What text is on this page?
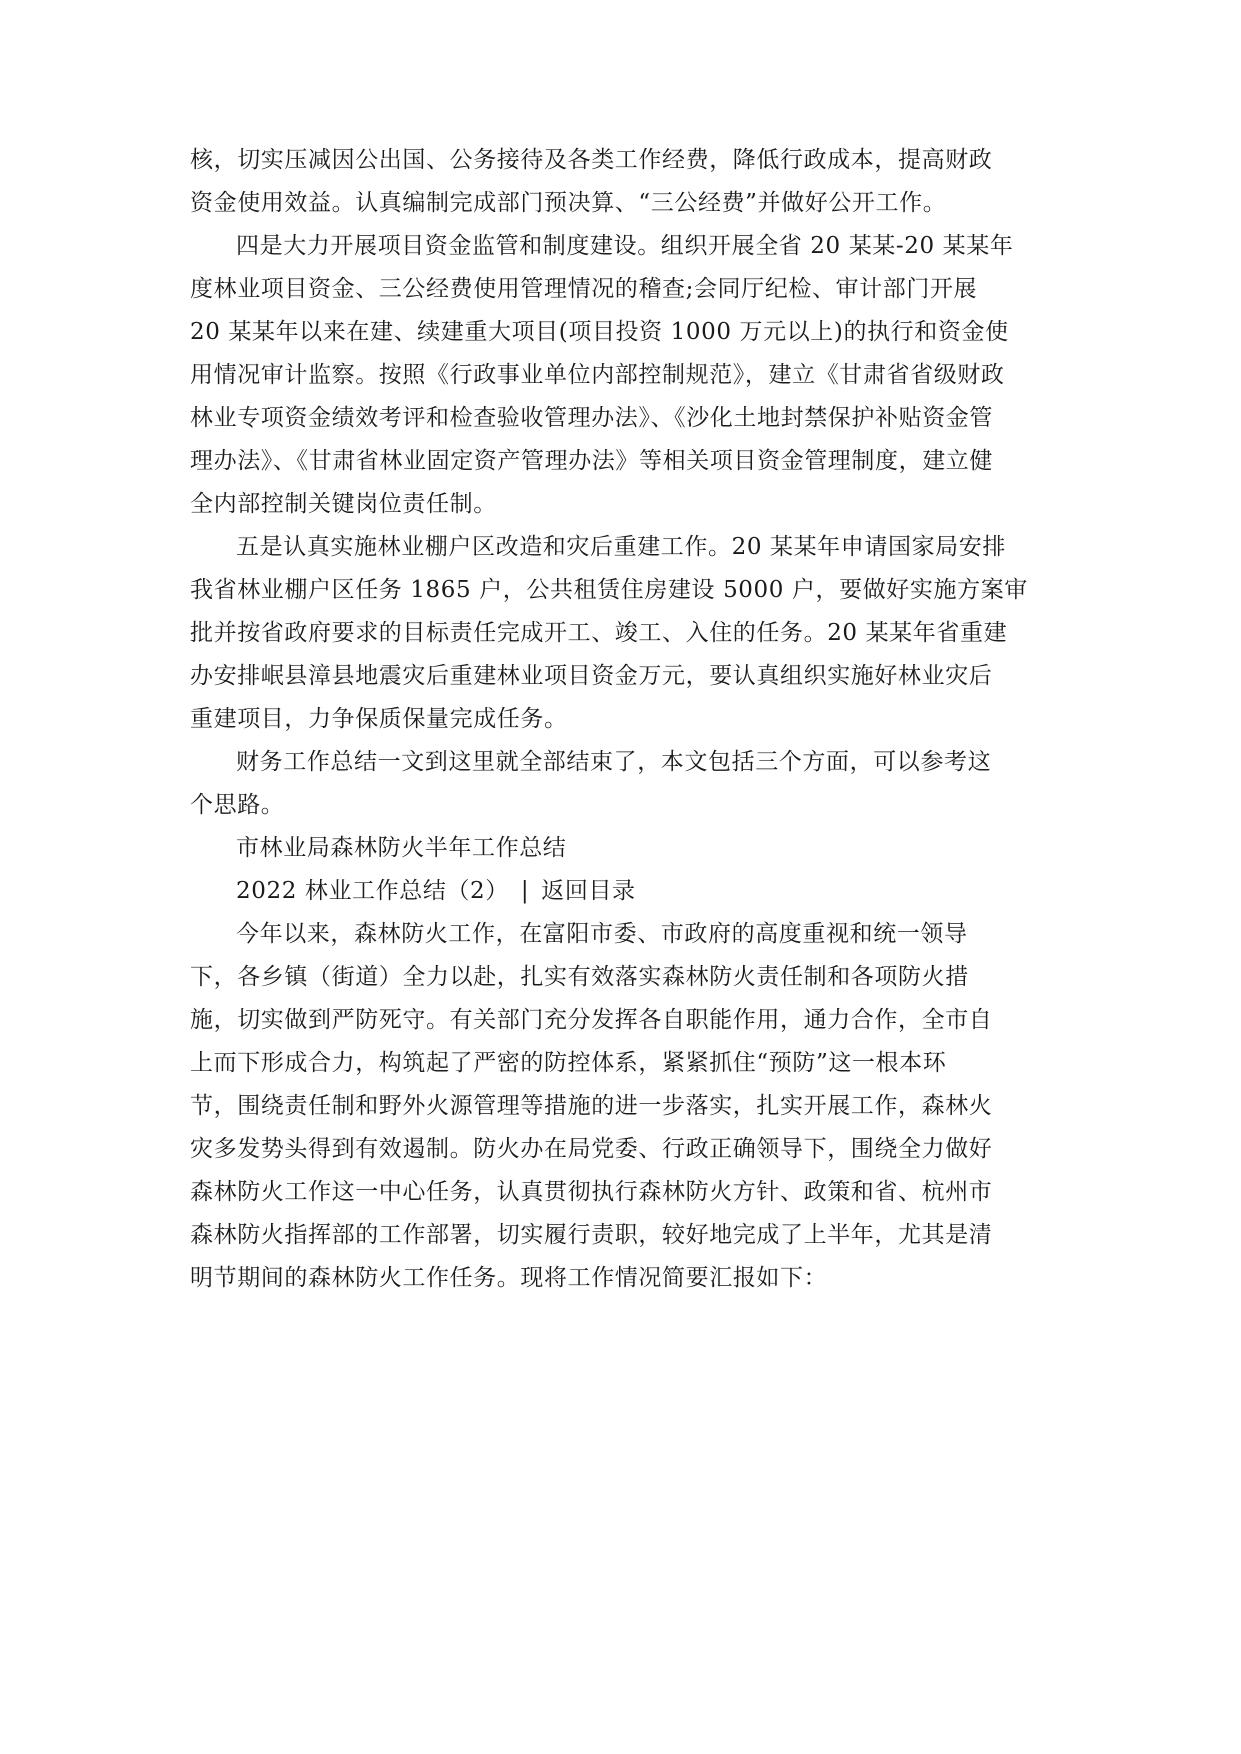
核，切实压减因公出国、公务接待及各类工作经费，降低行政成本，提高财政
资金使用效益。认真编制完成部门预决算、“三公经费”并做好公开工作。
四是大力开展项目资金监管和制度建设。组织开展全省 20 某某-20 某某年
度林业项目资金、三公经费使用管理情况的稽查;会同厅纪检、审计部门开展
20 某某年以来在建、续建重大项目(项目投资 1000 万元以上)的执行和资金使
用情况审计监察。按照《行政事业单位内部控制规范》，建立《甘肃省省级财政
林业专项资金绩效考评和检查验收管理办法》、《沙化土地封禁保护补贴资金管
理办法》、《甘肃省林业固定资产管理办法》等相关项目资金管理制度，建立健
全内部控制关键岗位责任制。
五是认真实施林业棚户区改造和灾后重建工作。20 某某年申请国家局安排
我省林业棚户区任务 1865 户，公共租赁住房建设 5000 户，要做好实施方案审
批并按省政府要求的目标责任完成开工、竣工、入住的任务。20 某某年省重建
办安排岷县漳县地震灾后重建林业项目资金万元，要认真组织实施好林业灾后
重建项目，力争保质保量完成任务。
财务工作总结一文到这里就全部结束了，本文包括三个方面，可以参考这
个思路。
市林业局森林防火半年工作总结
2022 林业工作总结（2） | 返回目录
今年以来，森林防火工作，在富阳市委、市政府的高度重视和统一领导
下，各乡镇（街道）全力以赴，扎实有效落实森林防火责任制和各项防火措
施，切实做到严防死守。有关部门充分发挥各自职能作用，通力合作，全市自
上而下形成合力，构筑起了严密的防控体系，紧紧抓住“预防”这一根本环
节，围绕责任制和野外火源管理等措施的进一步落实，扎实开展工作，森林火
灾多发势头得到有效遏制。防火办在局党委、行政正确领导下，围绕全力做好
森林防火工作这一中心任务，认真贯彻执行森林防火方针、政策和省、杭州市
森林防火指挥部的工作部署，切实履行责职，较好地完成了上半年，尤其是清
明节期间的森林防火工作任务。现将工作情况简要汇报如下：
